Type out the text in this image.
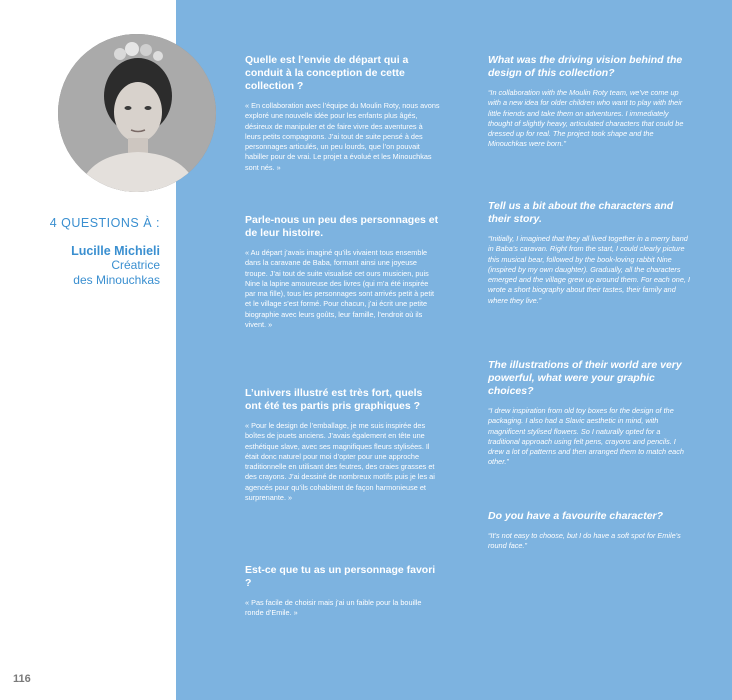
4 QUESTIONS À :

Lucille Michieli

Créatrice

des Minouchkas

Quelle est l’envie de départ qui a conduit à la conception de cette collection ?

« En collaboration avec l’équipe du Moulin Roty, nous avons exploré une nouvelle idée pour les enfants plus âgés, désireux de manipuler et de faire vivre des aventures à leurs petits compagnons. J’ai tout de suite pensé à des personnages articulés, un peu lourds, que l’on pouvait habiller pour de vrai. Le projet a évolué et les Minouchkas sont nés. »

Parle-nous un peu des personnages et de leur histoire.

« Au départ j’avais imaginé qu’ils vivaient tous ensemble dans la caravane de Baba, formant ainsi une joyeuse troupe. J’ai tout de suite visualisé cet ours musicien, puis Nine la lapine amoureuse des livres (qui m’a été inspirée par ma fille), tous les personnages sont arrivés petit à petit et le village s’est formé. Pour chacun, j’ai écrit une petite biographie avec leurs goûts, leur famille, l’endroit où ils vivent. »

L’univers illustré est très fort, quels ont été tes partis pris graphiques ?

« Pour le design de l’emballage, je me suis inspirée des boîtes de jouets anciens. J’avais également en tête une esthétique slave, avec ses magnifiques fleurs stylisées. Il était donc naturel pour moi d’opter pour une approche traditionnelle en utilisant des feutres, des craies grasses et des crayons. J’ai dessiné de nombreux motifs puis je les ai agencés pour qu’ils cohabitent de façon harmonieuse et surprenante. »

Est-ce que tu as un personnage favori ?

« Pas facile de choisir mais j’ai un faible pour la bouille ronde d’Emile. »

What was the driving vision behind the design of this collection?

“In collaboration with the Moulin Roty team, we’ve come up with a new idea for older children who want to play with their little friends and take them on adventures. I immediately thought of slightly heavy, articulated characters that could be dressed up for real. The project took shape and the Minouchkas were born.”

Tell us a bit about the characters and their story.

“Initially, I imagined that they all lived together in a merry band in Baba’s caravan. Right from the start, I could clearly picture this musical bear, followed by the book-loving rabbit Nine (inspired by my own daughter). Gradually, all the characters emerged and the village grew up around them. For each one, I wrote a short biography about their tastes, their family and where they live.”

The illustrations of their world are very powerful, what were your graphic choices?

“I drew inspiration from old toy boxes for the design of the packaging. I also had a Slavic aesthetic in mind, with magnificent stylised flowers. So I naturally opted for a traditional approach using felt pens, crayons and pencils. I drew a lot of patterns and then arranged them to match each other.”

Do you have a favourite character?

“It’s not easy to choose, but I do have a soft spot for Emile’s round face.”

116
